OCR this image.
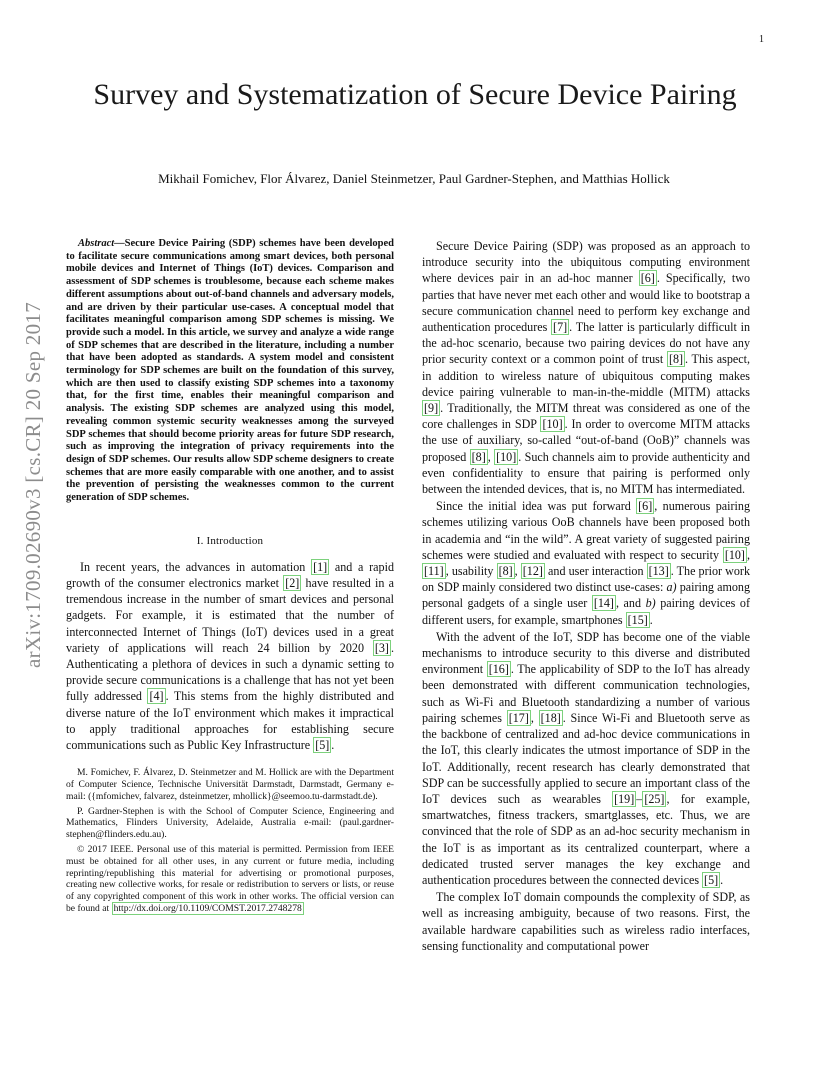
1
arXiv:1709.02690v3 [cs.CR] 20 Sep 2017
Survey and Systematization of Secure Device Pairing
Mikhail Fomichev, Flor Álvarez, Daniel Steinmetzer, Paul Gardner-Stephen, and Matthias Hollick

Abstract—Secure Device Pairing (SDP) schemes have been developed to facilitate secure communications among smart devices, both personal mobile devices and Internet of Things (IoT) devices. Comparison and assessment of SDP schemes is troublesome, because each scheme makes different assumptions about out-of-band channels and adversary models, and are driven by their particular use-cases. A conceptual model that facilitates meaningful comparison among SDP schemes is missing. We provide such a model. In this article, we survey and analyze a wide range of SDP schemes that are described in the literature, including a number that have been adopted as standards. A system model and consistent terminology for SDP schemes are built on the foundation of this survey, which are then used to classify existing SDP schemes into a taxonomy that, for the first time, enables their meaningful comparison and analysis. The existing SDP schemes are analyzed using this model, revealing common systemic security weaknesses among the surveyed SDP schemes that should become priority areas for future SDP research, such as improving the integration of privacy requirements into the design of SDP schemes. Our results allow SDP scheme designers to create schemes that are more easily comparable with one another, and to assist the prevention of persisting the weaknesses common to the current generation of SDP schemes.

I. Introduction

In recent years, the advances in automation [1] and a rapid growth of the consumer electronics market [2] have resulted in a tremendous increase in the number of smart devices and personal gadgets. For example, it is estimated that the number of interconnected Internet of Things (IoT) devices used in a great variety of applications will reach 24 billion by 2020 [3] . Authenticating a plethora of devices in such a dynamic setting to provide secure communications is a challenge that has not yet been fully addressed [4] . This stems from the highly distributed and diverse nature of the IoT environment which makes it impractical to apply traditional approaches for establishing secure communications such as Public Key Infrastructure [5] .

M. Fomichev, F. Álvarez, D. Steinmetzer and M. Hollick are with the Department of Computer Science, Technische Universität Darmstadt, Darmstadt, Germany e-mail: ({mfomichev, falvarez, dsteinmetzer, mhollick}@seemoo.tu-darmstadt.de).

P. Gardner-Stephen is with the School of Computer Science, Engineering and Mathematics, Flinders University, Adelaide, Australia e-mail: (paul.gardner-stephen@flinders.edu.au).

© 2017 IEEE. Personal use of this material is permitted. Permission from IEEE must be obtained for all other uses, in any current or future media, including reprinting/republishing this material for advertising or promotional purposes, creating new collective works, for resale or redistribution to servers or lists, or reuse of any copyrighted component of this work in other works. The official version can be found at http://dx.doi.org/10.1109/COMST.2017.2748278

Secure Device Pairing (SDP) was proposed as an approach to introduce security into the ubiquitous computing environment where devices pair in an ad-hoc manner [6] . Specifically, two parties that have never met each other and would like to bootstrap a secure communication channel need to perform key exchange and authentication procedures [7] . The latter is particularly difficult in the ad-hoc scenario, because two pairing devices do not have any prior security context or a common point of trust [8] . This aspect, in addition to wireless nature of ubiquitous computing makes device pairing vulnerable to man-in-the-middle (MITM) attacks [9] . Traditionally, the MITM threat was considered as one of the core challenges in SDP [10] . In order to overcome MITM attacks the use of auxiliary, so-called “out-of-band (OoB)” channels was proposed [8] , [10] . Such channels aim to provide authenticity and even confidentiality to ensure that pairing is performed only between the intended devices, that is, no MITM has intermediated.

Since the initial idea was put forward [6] , numerous pairing schemes utilizing various OoB channels have been proposed both in academia and “in the wild”. A great variety of suggested pairing schemes were studied and evaluated with respect to security [10] , [11] , usability [8] , [12] and user interaction [13] . The prior work on SDP mainly considered two distinct use-cases: a) pairing among personal gadgets of a single user [14] , and b) pairing devices of different users, for example, smartphones [15] .

With the advent of the IoT, SDP has become one of the viable mechanisms to introduce security to this diverse and distributed environment [16] . The applicability of SDP to the IoT has already been demonstrated with different communication technologies, such as Wi-Fi and Bluetooth standardizing a number of various pairing schemes [17] , [18] . Since Wi-Fi and Bluetooth serve as the backbone of centralized and ad-hoc device communications in the IoT, this clearly indicates the utmost importance of SDP in the IoT. Additionally, recent research has clearly demonstrated that SDP can be successfully applied to secure an important class of the IoT devices such as wearables [19] – [25] , for example, smartwatches, fitness trackers, smartglasses, etc. Thus, we are convinced that the role of SDP as an ad-hoc security mechanism in the IoT is as important as its centralized counterpart, where a dedicated trusted server manages the key exchange and authentication procedures between the connected devices [5] .

The complex IoT domain compounds the complexity of SDP, as well as increasing ambiguity, because of two reasons. First, the available hardware capabilities such as wireless radio interfaces, sensing functionality and computational power
